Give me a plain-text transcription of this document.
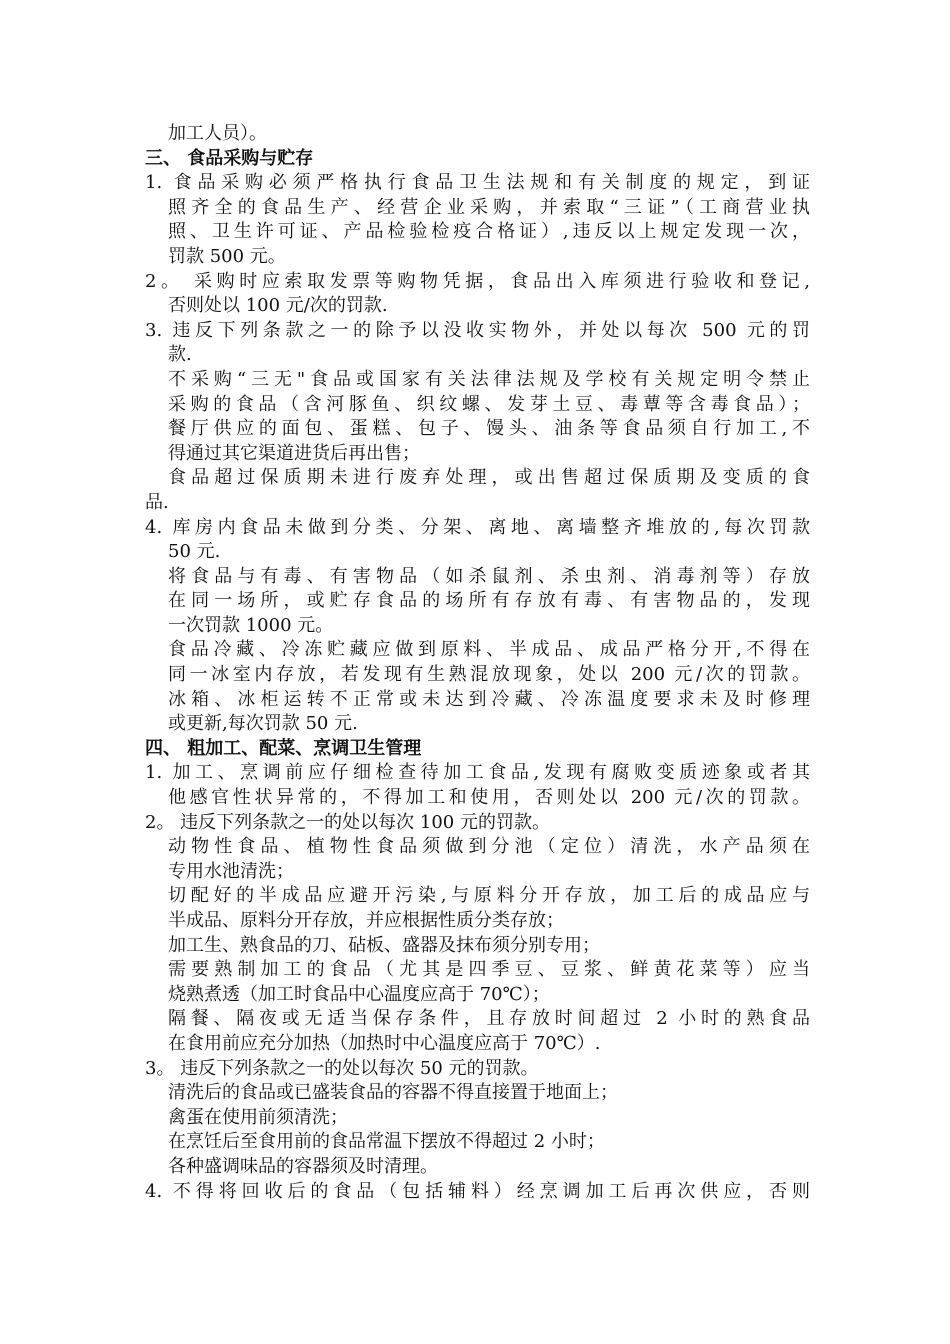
加工人员）。
三、 食品采购与贮存
1. 食品采购必须严格执行食品卫生法规和有关制度的规定，到证
照齐全的食品生产、经营企业采购，并索取“三证”（工商营业执
照、卫生许可证、产品检验检疫合格证）,违反以上规定发现一次，
罚款 500 元。
2。 采购时应索取发票等购物凭据，食品出入库须进行验收和登记,
否则处以 100 元/次的罚款.
3. 违反下列条款之一的除予以没收实物外，并处以每次 500 元的罚
款.
不采购“三无"食品或国家有关法律法规及学校有关规定明令禁止
采购的食品（含河豚鱼、织纹螺、发芽土豆、毒蕈等含毒食品）；
餐厅供应的面包、蛋糕、包子、馒头、油条等食品须自行加工,不
得通过其它渠道进货后再出售；
食品超过保质期未进行废弃处理，或出售超过保质期及变质的食
品.
4. 库房内食品未做到分类、分架、离地、离墙整齐堆放的,每次罚款
50 元.
将食品与有毒、有害物品（如杀鼠剂、杀虫剂、消毒剂等）存放
在同一场所，或贮存食品的场所有存放有毒、有害物品的，发现
一次罚款 1000 元。
食品冷藏、冷冻贮藏应做到原料、半成品、成品严格分开,不得在
同一冰室内存放，若发现有生熟混放现象，处以 200 元/次的罚款。
冰箱、冰柜运转不正常或未达到冷藏、冷冻温度要求未及时修理
或更新,每次罚款 50 元.
四、 粗加工、配菜、烹调卫生管理
1. 加工、烹调前应仔细检查待加工食品,发现有腐败变质迹象或者其
他感官性状异常的，不得加工和使用，否则处以 200 元/次的罚款。
2。 违反下列条款之一的处以每次 100 元的罚款。
动物性食品、植物性食品须做到分池（定位）清洗，水产品须在
专用水池清洗；
切配好的半成品应避开污染,与原料分开存放，加工后的成品应与
半成品、原料分开存放，并应根据性质分类存放；
加工生、熟食品的刀、砧板、盛器及抹布须分别专用；
需要熟制加工的食品（尤其是四季豆、豆浆、鲜黄花菜等）应当
烧熟煮透（加工时食品中心温度应高于 70℃）；
隔餐、隔夜或无适当保存条件，且存放时间超过 2 小时的熟食品
在食用前应充分加热（加热时中心温度应高于 70℃）.
3。 违反下列条款之一的处以每次 50 元的罚款。
清洗后的食品或已盛装食品的容器不得直接置于地面上；
禽蛋在使用前须清洗；
在烹饪后至食用前的食品常温下摆放不得超过 2 小时；
各种盛调味品的容器须及时清理。
4. 不得将回收后的食品（包括辅料）经烹调加工后再次供应，否则
